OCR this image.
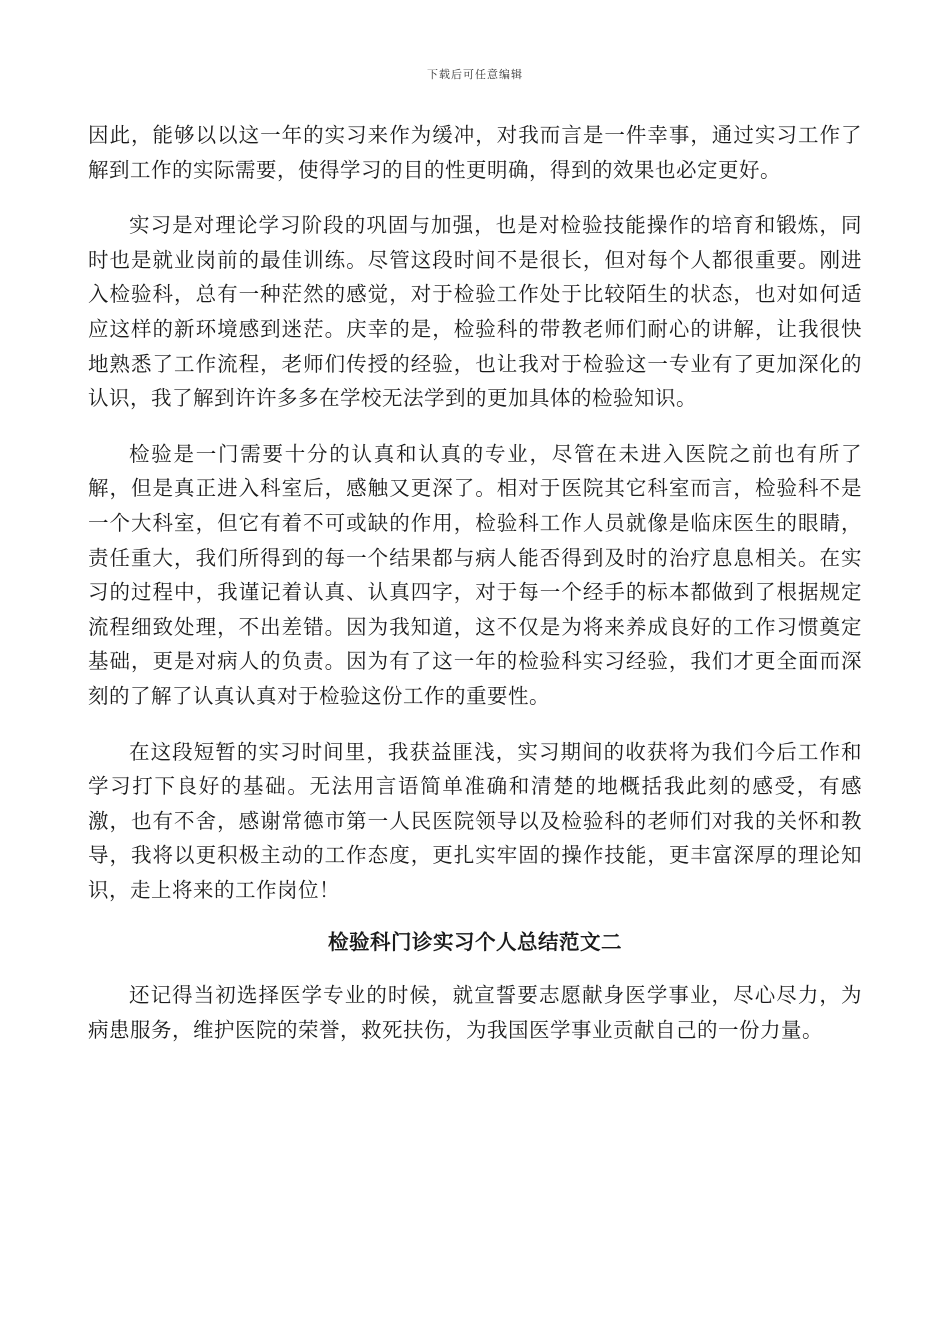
下载后可任意编辑

因此，能够以以这一年的实习来作为缓冲，对我而言是一件幸事，通过实习工作了解到工作的实际需要，使得学习的目的性更明确，得到的效果也必定更好。

实习是对理论学习阶段的巩固与加强，也是对检验技能操作的培育和锻炼，同时也是就业岗前的最佳训练。尽管这段时间不是很长，但对每个人都很重要。刚进入检验科，总有一种茫然的感觉，对于检验工作处于比较陌生的状态，也对如何适应这样的新环境感到迷茫。庆幸的是，检验科的带教老师们耐心的讲解，让我很快地熟悉了工作流程，老师们传授的经验，也让我对于检验这一专业有了更加深化的认识，我了解到许许多多在学校无法学到的更加具体的检验知识。

检验是一门需要十分的认真和认真的专业，尽管在未进入医院之前也有所了解，但是真正进入科室后，感触又更深了。相对于医院其它科室而言，检验科不是一个大科室，但它有着不可或缺的作用，检验科工作人员就像是临床医生的眼睛，责任重大，我们所得到的每一个结果都与病人能否得到及时的治疗息息相关。在实习的过程中，我谨记着认真、认真四字，对于每一个经手的标本都做到了根据规定流程细致处理，不出差错。因为我知道，这不仅是为将来养成良好的工作习惯奠定基础，更是对病人的负责。因为有了这一年的检验科实习经验，我们才更全面而深刻的了解了认真认真对于检验这份工作的重要性。

在这段短暂的实习时间里，我获益匪浅，实习期间的收获将为我们今后工作和学习打下良好的基础。无法用言语简单准确和清楚的地概括我此刻的感受，有感激，也有不舍，感谢常德市第一人民医院领导以及检验科的老师们对我的关怀和教导，我将以更积极主动的工作态度，更扎实牢固的操作技能，更丰富深厚的理论知识，走上将来的工作岗位！

检验科门诊实习个人总结范文二

还记得当初选择医学专业的时候，就宣誓要志愿献身医学事业，尽心尽力，为病患服务，维护医院的荣誉，救死扶伤，为我国医学事业贡献自己的一份力量。
